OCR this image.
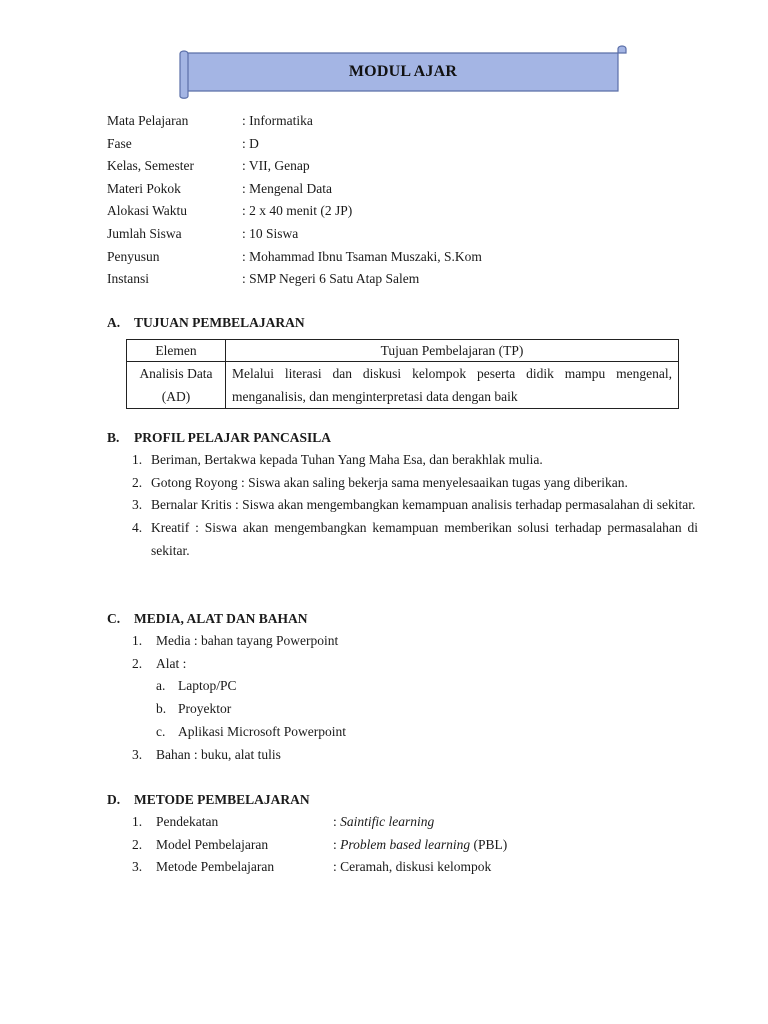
MODUL AJAR
Mata Pelajaran	: Informatika
Fase	: D
Kelas, Semester	: VII, Genap
Materi Pokok	: Mengenal Data
Alokasi Waktu	: 2 x 40 menit (2 JP)
Jumlah Siswa	: 10 Siswa
Penyusun	: Mohammad Ibnu Tsaman Muszaki, S.Kom
Instansi	: SMP Negeri 6 Satu Atap Salem
A.	TUJUAN PEMBELAJARAN
Elemen	Tujuan Pembelajaran (TP)
Analisis Data (AD)	Melalui literasi dan diskusi kelompok peserta didik mampu mengenal, menganalisis, dan menginterpretasi data dengan baik
B.	PROFIL PELAJAR PANCASILA
1. Beriman, Bertakwa kepada Tuhan Yang Maha Esa, dan berakhlak mulia.
2. Gotong Royong : Siswa akan saling bekerja sama menyelesaaikan tugas yang diberikan.
3. Bernalar Kritis : Siswa akan mengembangkan kemampuan analisis terhadap permasalahan di sekitar.
4. Kreatif : Siswa akan mengembangkan kemampuan memberikan solusi terhadap permasalahan di sekitar.
C.	MEDIA, ALAT DAN BAHAN
1.	Media : bahan tayang Powerpoint
2.	Alat :
a. Laptop/PC
b. Proyektor
c. Aplikasi Microsoft Powerpoint
3.	Bahan : buku, alat tulis
D.	METODE PEMBELAJARAN
1.	Pendekatan	: Saintific learning
2.	Model Pembelajaran	: Problem based learning (PBL)
3.	Metode Pembelajaran	: Ceramah, diskusi kelompok
